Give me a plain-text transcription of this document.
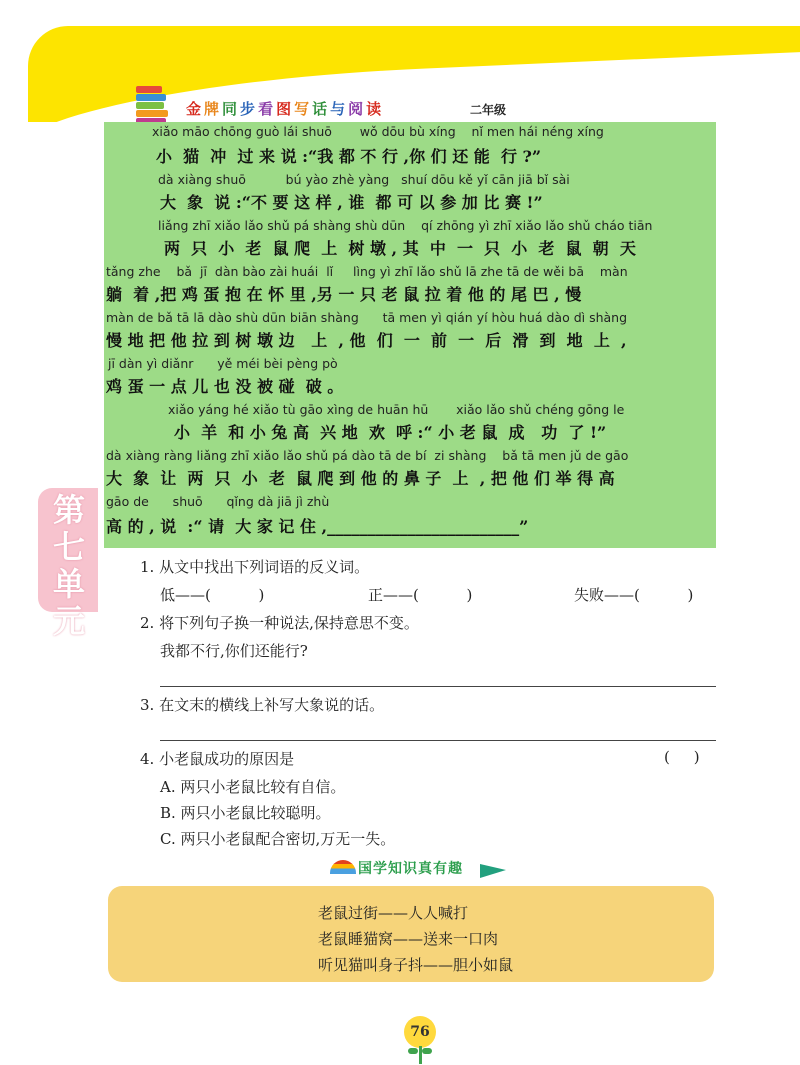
金牌同步看图写话与阅读	二年级
xiǎo māo chōng guò lái shuō       wǒ dōu bù xíng    nǐ men hái néng xíng
小  猫  冲  过 来 说 :“我 都 不 行 ,你 们 还 能  行 ?”
dà xiàng shuō          bú yào zhè yàng   shuí dōu kě yǐ cān jiā bǐ sài
大  象  说 :“不 要 这 样 , 谁  都 可 以 参 加 比 赛 !”
liǎng zhī xiǎo lǎo shǔ pá shàng shù dūn    qí zhōng yì zhī xiǎo lǎo shǔ cháo tiān
两  只  小  老  鼠 爬  上  树 墩 , 其  中  一  只  小  老  鼠  朝  天
tǎng zhe    bǎ  jī  dàn bào zài huái  lǐ     lìng yì zhī lǎo shǔ lā zhe tā de wěi bā    màn
躺  着 ,把 鸡 蛋 抱 在 怀 里 ,另 一 只 老 鼠 拉 着 他 的 尾 巴 , 慢
màn de bǎ tā lā dào shù dūn biān shàng      tā men yì qián yí hòu huá dào dì shàng
慢 地 把 他 拉 到 树 墩 边   上  , 他  们  一  前  一  后  滑  到  地  上  ,
jī dàn yì diǎnr      yě méi bèi pèng pò
鸡 蛋 一 点 儿 也 没 被 碰  破 。
xiǎo yáng hé xiǎo tù gāo xìng de huān hū       xiǎo lǎo shǔ chéng gōng le
小  羊  和 小 兔 高  兴 地  欢  呼 :“ 小 老 鼠  成   功  了 !”
dà xiàng ràng liǎng zhī xiǎo lǎo shǔ pá dào tā de bí  zi shàng    bǎ tā men jǔ de gāo
大  象  让  两  只  小  老  鼠 爬 到 他 的 鼻 子  上  , 把 他 们 举 得 高
gāo de      shuō      qǐng dà jiā jì zhù
高 的 , 说  :“ 请  大 家 记 住 ,________________________”
第七单元
1. 从文中找出下列词语的反义词。
低——(          )	正——(          )	失败——(          )
2. 将下列句子换一种说法,保持意思不变。
我都不行,你们还能行?
3. 在文末的横线上补写大象说的话。
4. 小老鼠成功的原因是	(     )
A. 两只小老鼠比较有自信。
B. 两只小老鼠比较聪明。
C. 两只小老鼠配合密切,万无一失。
国学知识真有趣
老鼠过街——人人喊打
老鼠睡猫窝——送来一口肉
听见猫叫身子抖——胆小如鼠
76
